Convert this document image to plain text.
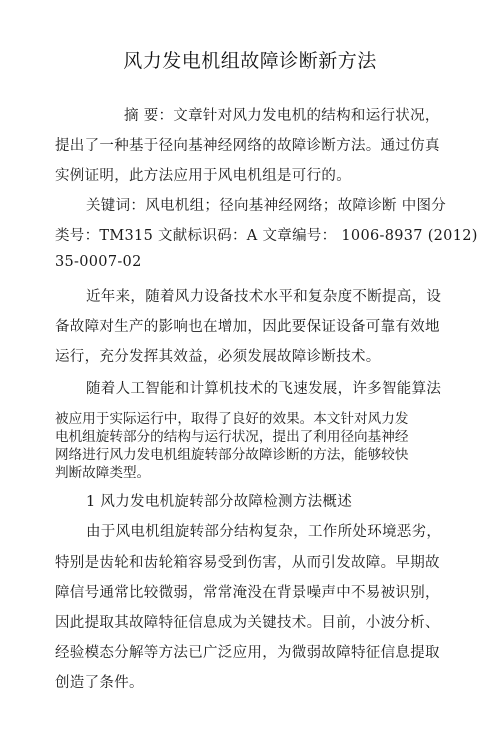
风力发电机组故障诊断新方法
摘 要：文章针对风力发电机的结构和运行状况，
提出了一种基于径向基神经网络的故障诊断方法。通过仿真
实例证明，此方法应用于风电机组是可行的。
关键词：风电机组；径向基神经网络；故障诊断 中图分
类号：TM315 文献标识码：A 文章编号： 1006-8937 (2012)
35-0007-02
近年来，随着风力设备技术水平和复杂度不断提高，设
备故障对生产的影响也在增加，因此要保证设备可靠有效地
运行，充分发挥其效益，必须发展故障诊断技术。
随着人工智能和计算机技术的飞速发展，许多智能算法
被应用于实际运行中，取得了良好的效果。本文针对风力发
电机组旋转部分的结构与运行状况，提出了利用径向基神经
网络进行风力发电机组旋转部分故障诊断的方法，能够较快
判断故障类型。
1 风力发电机旋转部分故障检测方法概述
由于风电机组旋转部分结构复杂，工作所处环境恶劣，
特别是齿轮和齿轮箱容易受到伤害，从而引发故障。早期故
障信号通常比较微弱，常常淹没在背景噪声中不易被识别，
因此提取其故障特征信息成为关键技术。目前，小波分析、
经验模态分解等方法已广泛应用，为微弱故障特征信息提取
创造了条件。
